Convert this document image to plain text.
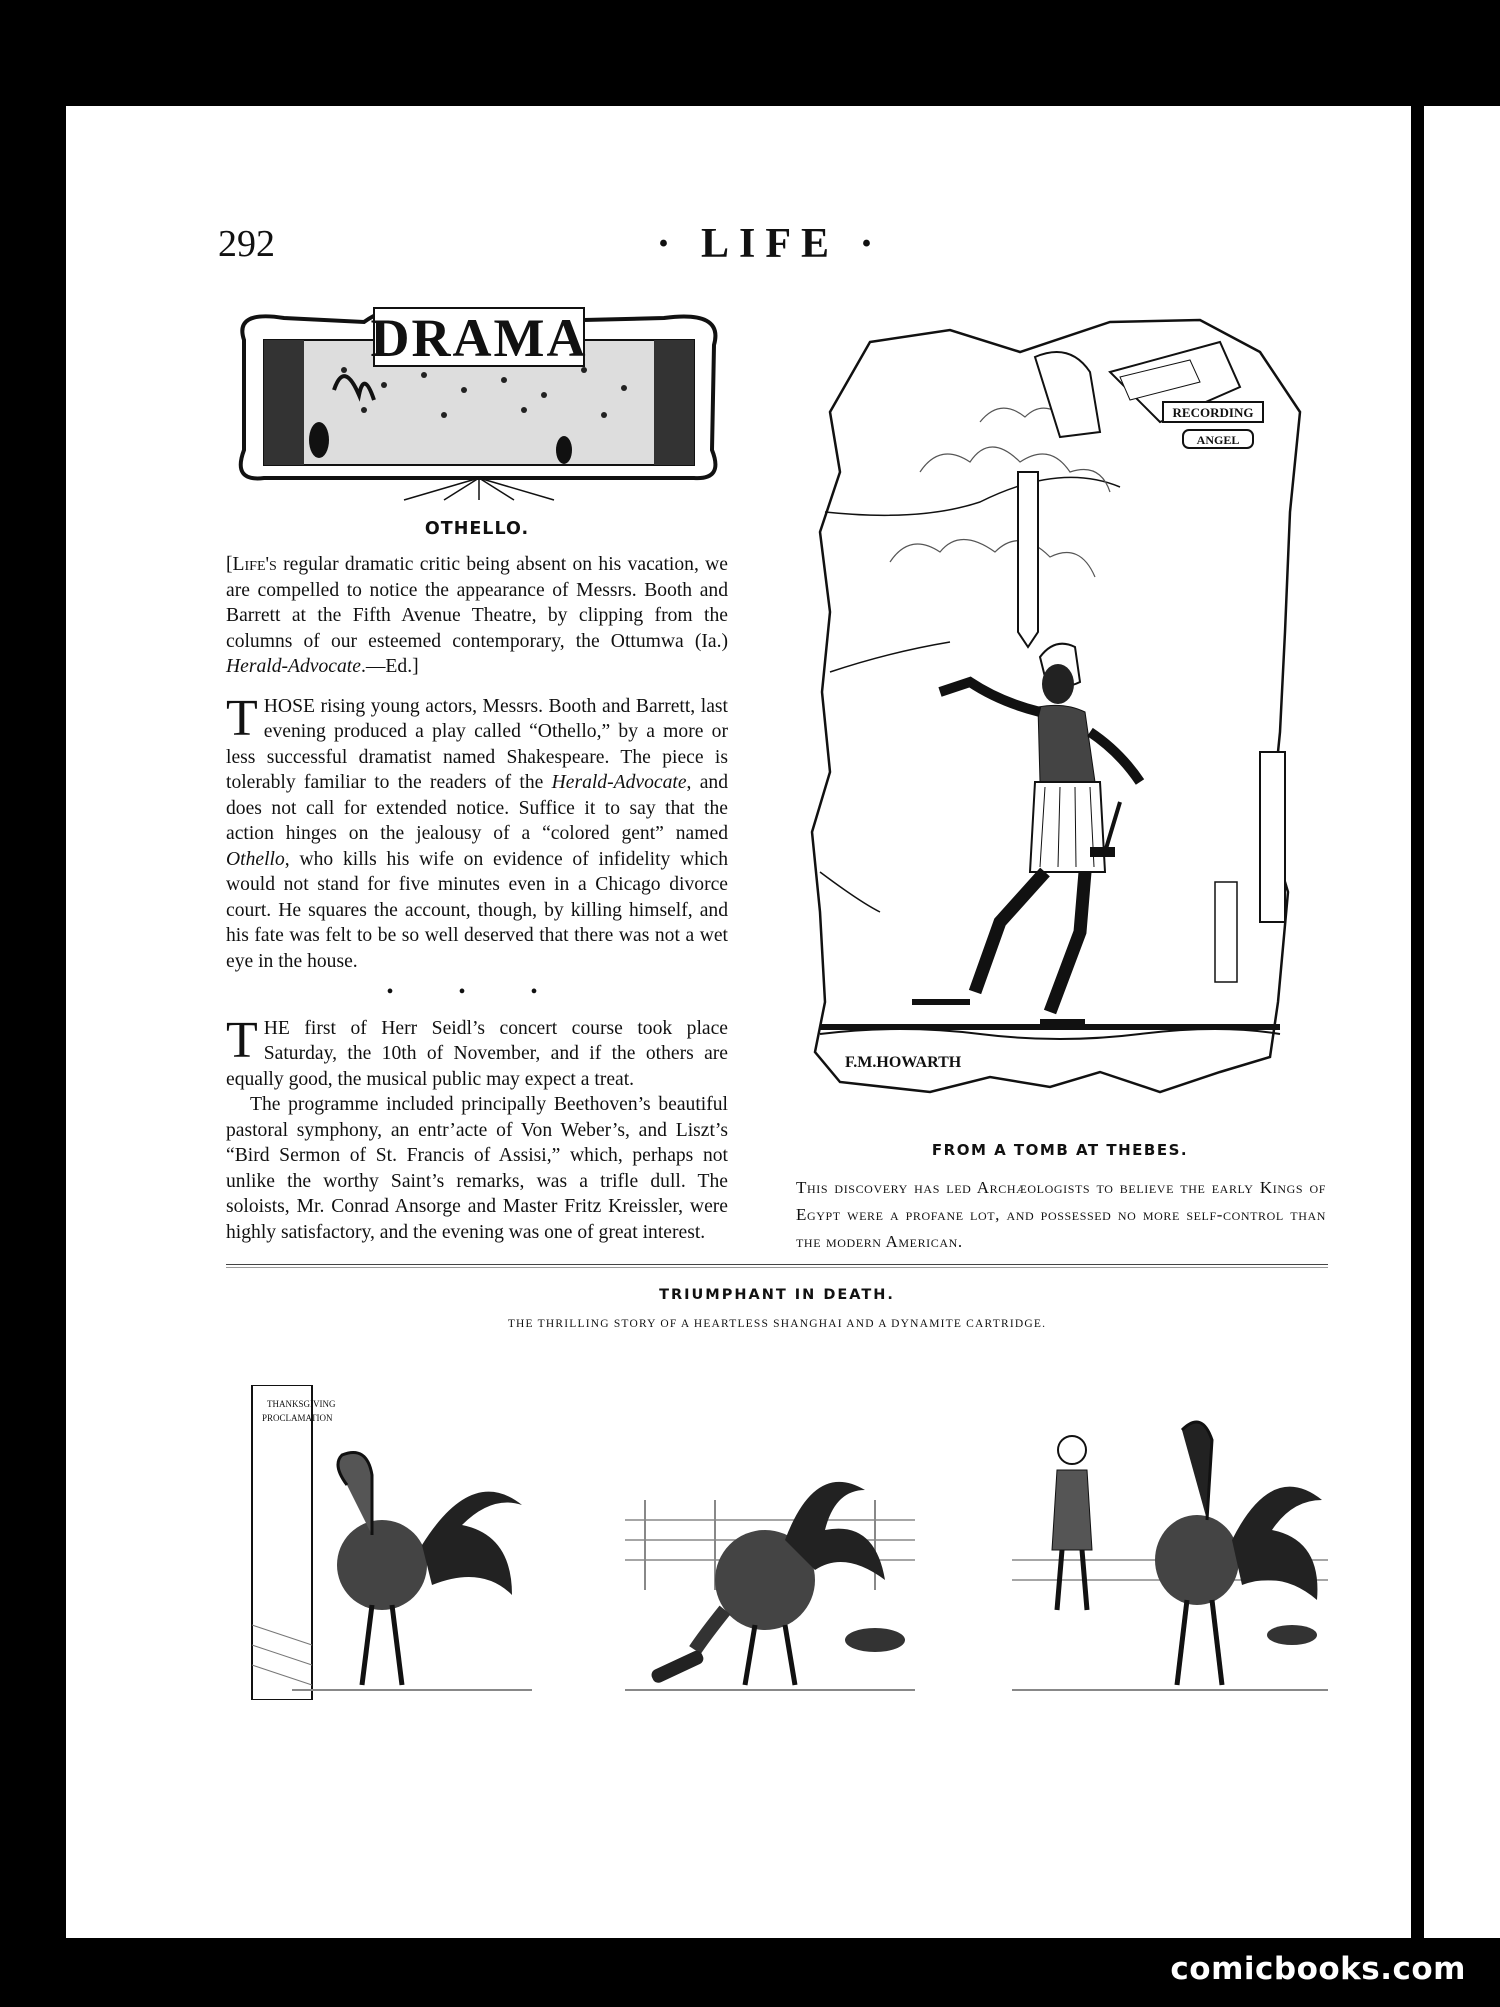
292	· LIFE ·
DRAMA
OTHELLO.

[Life's regular dramatic critic being absent on his vacation, we are compelled to notice the appearance of Messrs. Booth and Barrett at the Fifth Avenue Theatre, by clipping from the columns of our esteemed contemporary, the Ottumwa (Ia.) Herald-Advocate.—Ed.]

THOSE rising young actors, Messrs. Booth and Barrett, last evening produced a play called “Othello,” by a more or less successful dramatist named Shakespeare. The piece is tolerably familiar to the readers of the Herald-Advocate, and does not call for extended notice. Suffice it to say that the action hinges on the jealousy of a “colored gent” named Othello, who kills his wife on evidence of infidelity which would not stand for five minutes even in a Chicago divorce court. He squares the account, though, by killing himself, and his fate was felt to be so well deserved that there was not a wet eye in the house.

• • •

THE first of Herr Seidl’s concert course took place Saturday, the 10th of November, and if the others are equally good, the musical public may expect a treat.

The programme included principally Beethoven’s beautiful pastoral symphony, an entr’acte of Von Weber’s, and Liszt’s “Bird Sermon of St. Francis of Assisi,” which, perhaps not unlike the worthy Saint’s remarks, was a trifle dull. The soloists, Mr. Conrad Ansorge and Master Fritz Kreissler, were highly satisfactory, and the evening was one of great interest.

RECORDING
ANGEL
F.M.HOWARTH
FROM A TOMB AT THEBES.
This discovery has led Archæologists to believe the early Kings of Egypt were a profane lot, and possessed no more self-control than the modern American.
TRIUMPHANT IN DEATH.
THE THRILLING STORY OF A HEARTLESS SHANGHAI AND A DYNAMITE CARTRIDGE.
THANKSGIVING
PROCLAMATION
comicbooks.com
